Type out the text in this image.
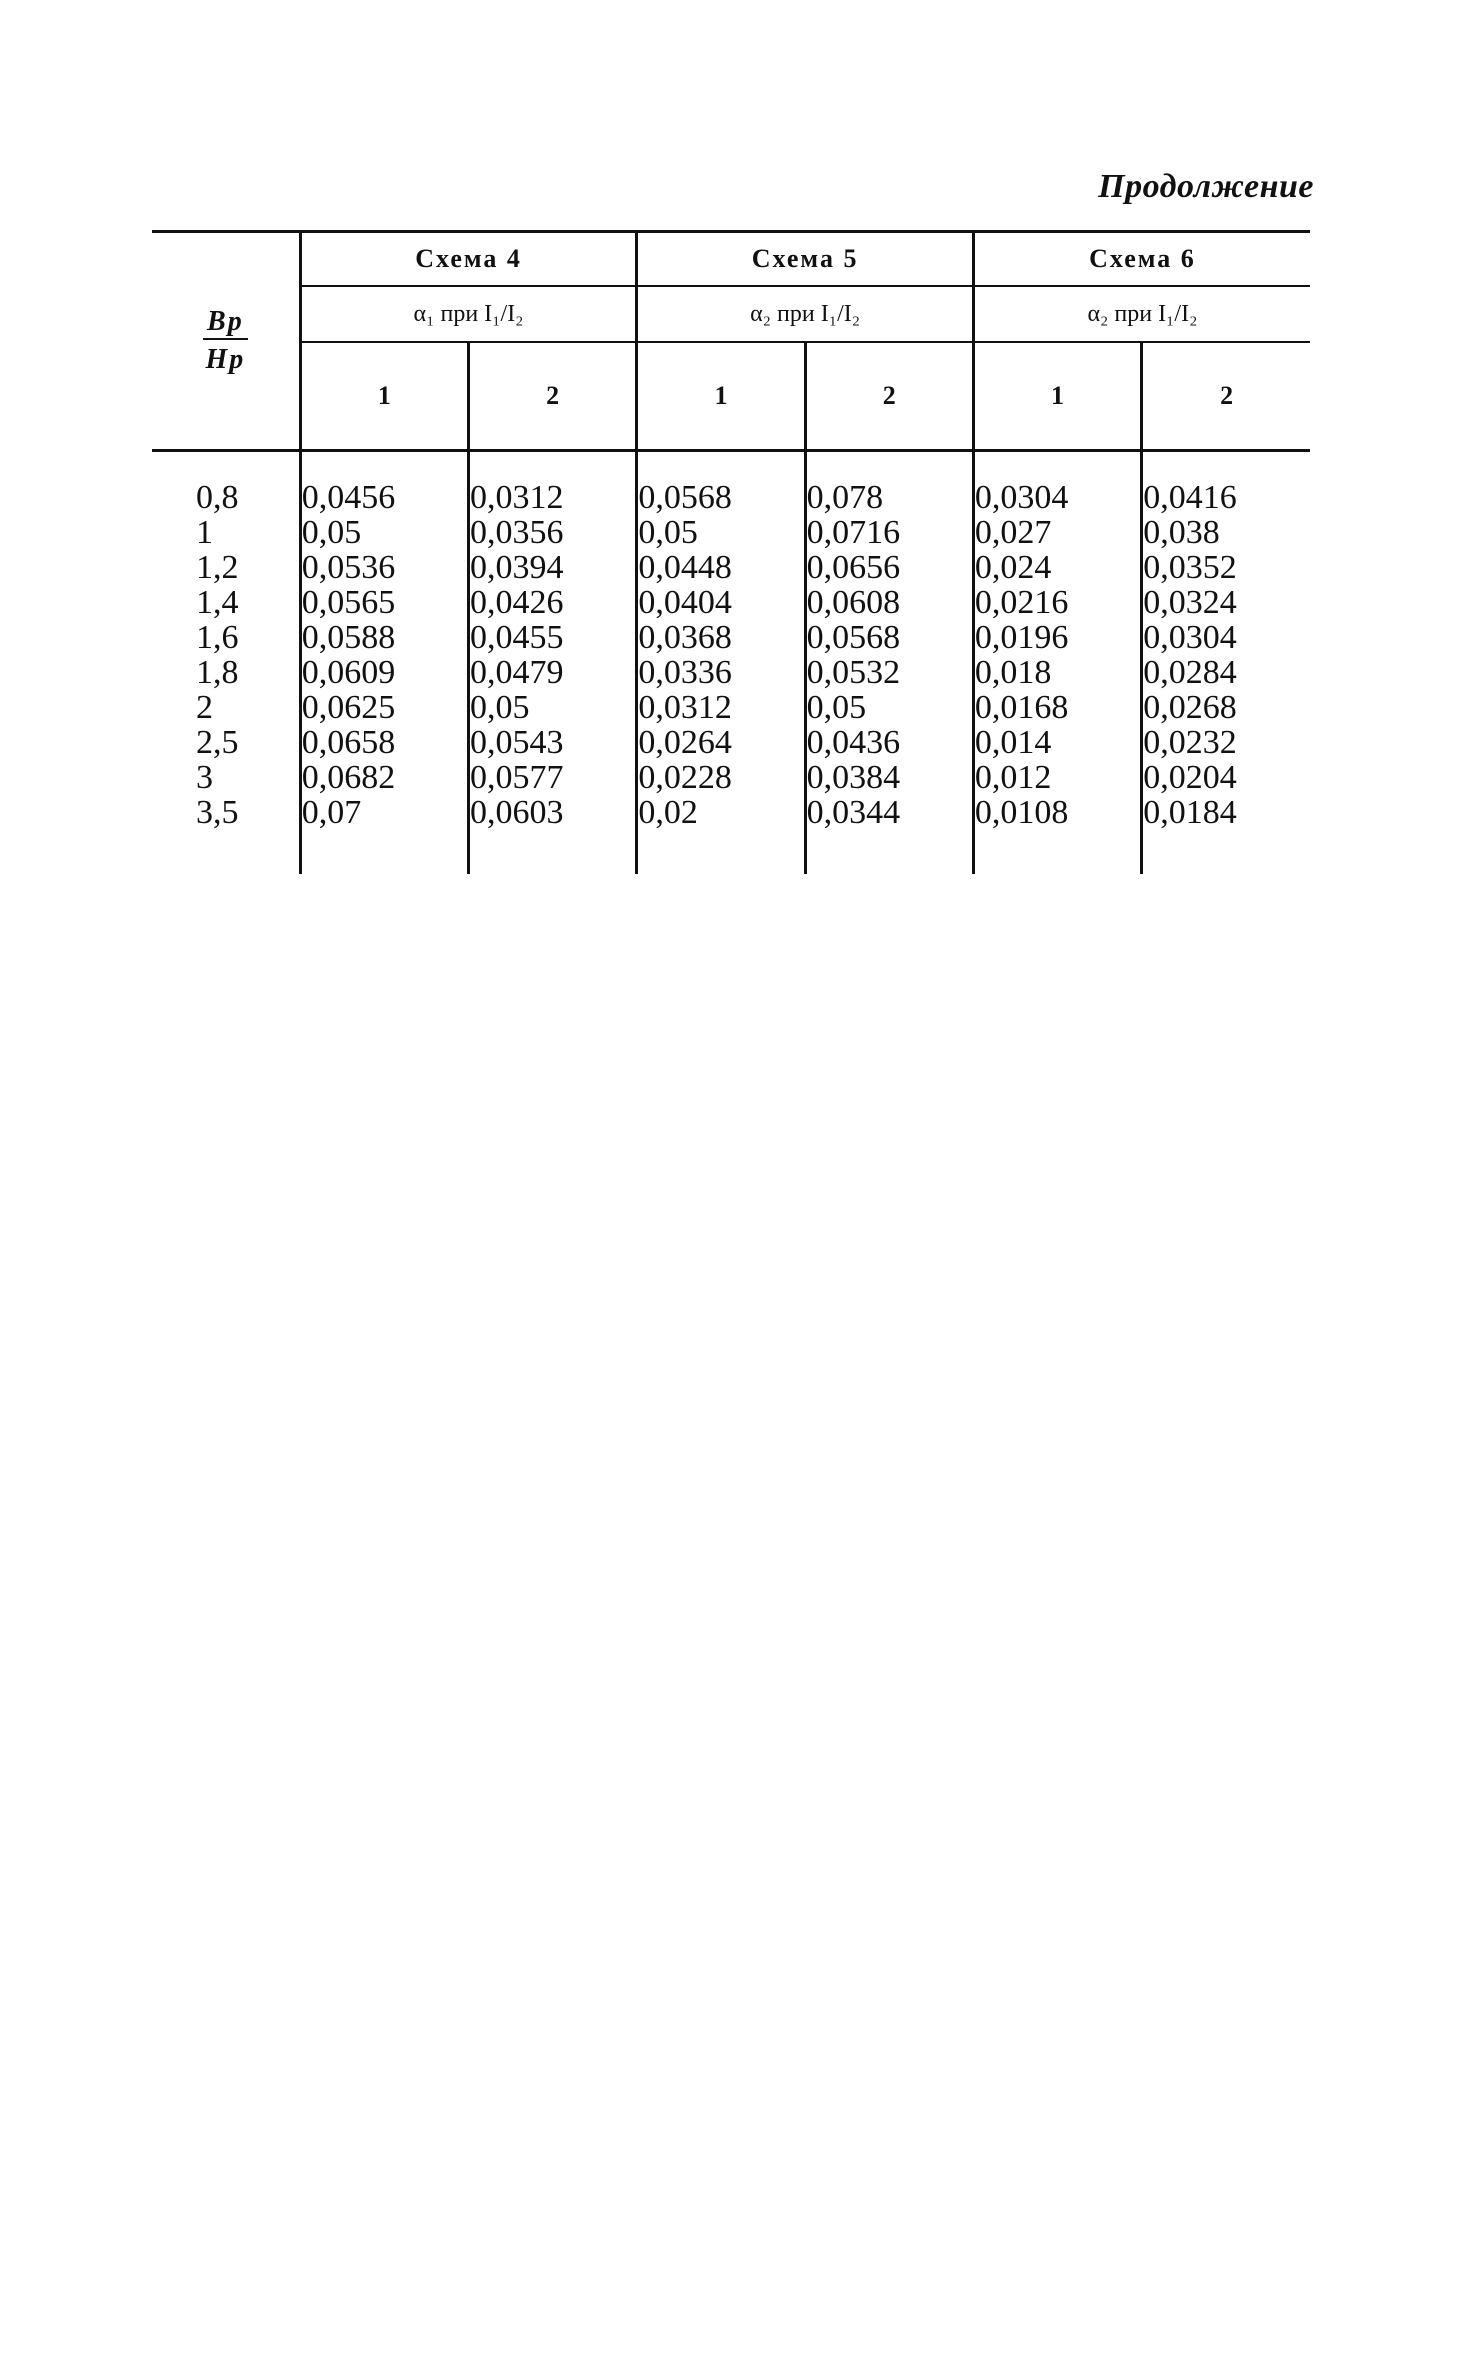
Продолжение
Bp
Hp	Схема 4		Схема 5		Схема 6	
	α₁ при I₁/I₂		α₂ при I₁/I₂		α₂ при I₁/I₂	
	1	2	1	2	1	2

0,8	0,0456	0,0312	0,0568	0,078	0,0304	0,0416
1	0,05	0,0356	0,05	0,0716	0,027	0,038
1,2	0,0536	0,0394	0,0448	0,0656	0,024	0,0352
1,4	0,0565	0,0426	0,0404	0,0608	0,0216	0,0324
1,6	0,0588	0,0455	0,0368	0,0568	0,0196	0,0304
1,8	0,0609	0,0479	0,0336	0,0532	0,018	0,0284
2	0,0625	0,05	0,0312	0,05	0,0168	0,0268
2,5	0,0658	0,0543	0,0264	0,0436	0,014	0,0232
3	0,0682	0,0577	0,0228	0,0384	0,012	0,0204
3,5	0,07	0,0603	0,02	0,0344	0,0108	0,0184
